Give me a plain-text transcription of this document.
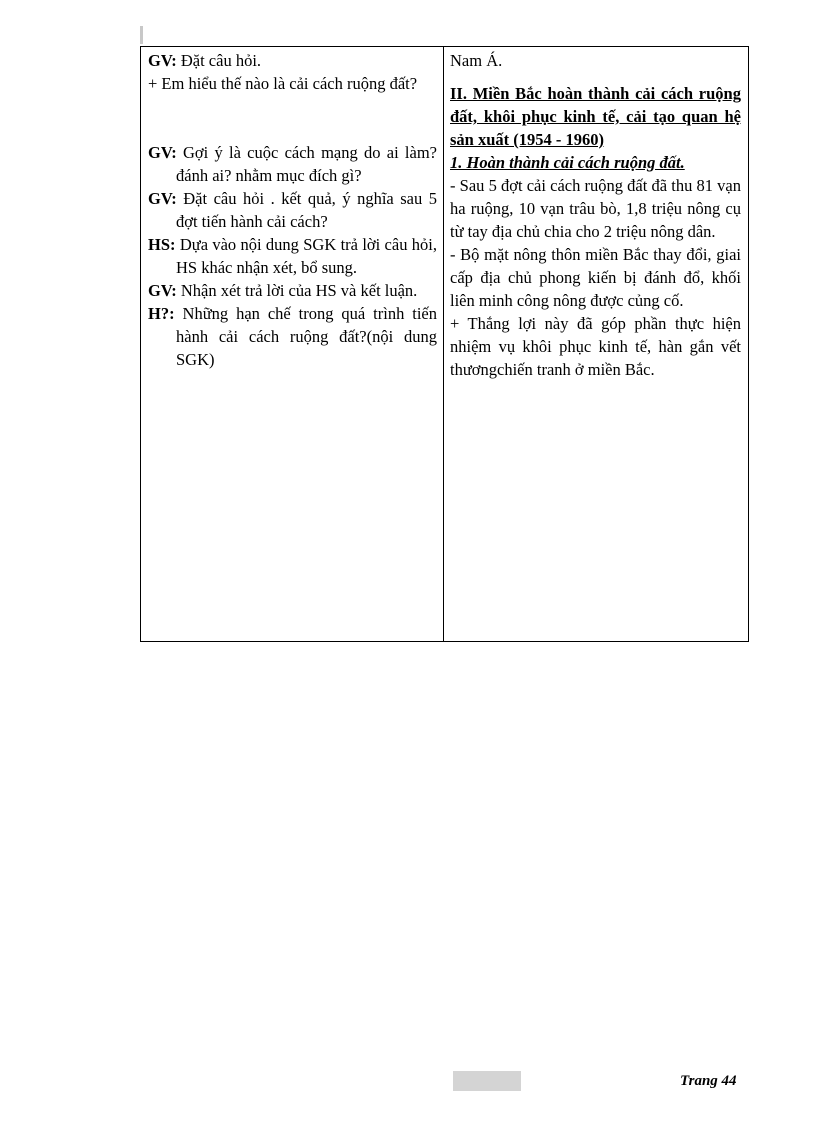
GV: Đặt câu hỏi.
+ Em hiểu thế nào là cải cách ruộng đất?
GV: Gợi ý là cuộc cách mạng do ai làm? đánh ai? nhằm mục đích gì?
GV: Đặt câu hỏi . kết quả, ý nghĩa sau 5 đợt tiến hành cải cách?
HS: Dựa vào nội dung SGK trả lời câu hỏi, HS khác nhận xét, bổ sung.
GV: Nhận xét trả lời của HS và kết luận.
H?: Những hạn chế trong quá trình tiến hành cải cách ruộng đất?(nội dung SGK)
Nam Á.
II. Miền Bắc hoàn thành cải cách ruộng đất, khôi phục kinh tế, cải tạo quan hệ sản xuất (1954 - 1960)
1. Hoàn thành cải cách ruộng đất.
- Sau 5 đợt cải cách ruộng đất đã thu 81 vạn ha ruộng, 10 vạn trâu bò, 1,8 triệu nông cụ từ tay địa chủ chia cho 2 triệu nông dân.
- Bộ mặt nông thôn miền Bắc thay đổi, giai cấp địa chủ phong kiến bị đánh đổ, khối liên minh công nông được củng cố.
+ Thắng lợi này đã góp phần thực hiện nhiệm vụ khôi phục kinh tế, hàn gắn vết thươngchiến tranh ở miền Bắc.
Trang 44
